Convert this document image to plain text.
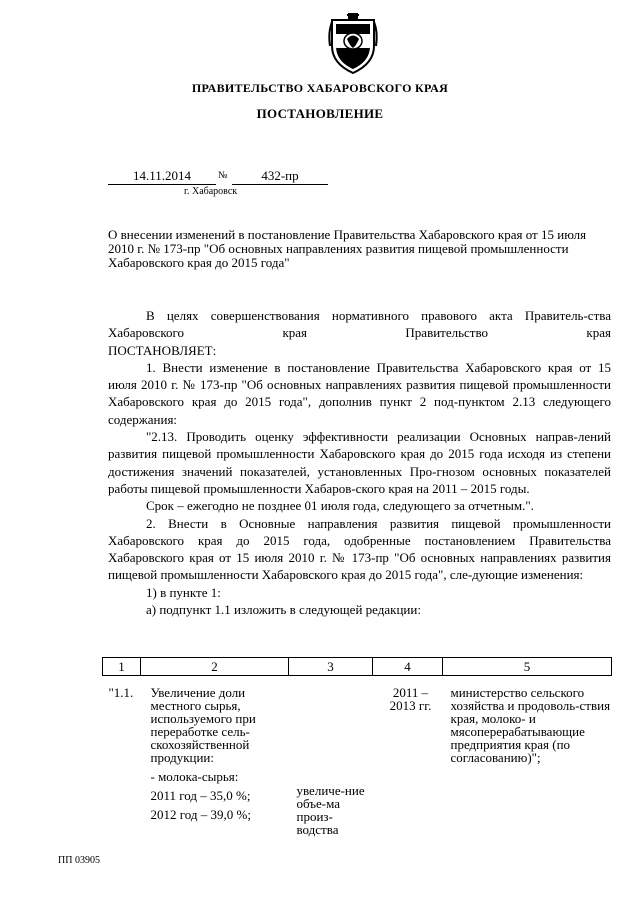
ПРАВИТЕЛЬСТВО ХАБАРОВСКОГО КРАЯ
ПОСТАНОВЛЕНИЕ
14.11.2014	№	432-пр
г. Хабаровск
О внесении изменений в постановление Правительства Хабаровского края от 15 июля 2010 г. № 173-пр "Об основных направлениях развития пищевой промышленности Хабаровского края до 2015 года"

В целях совершенствования нормативного правового акта Правитель-ства Хабаровского края Правительство края

ПОСТАНОВЛЯЕТ:

1. Внести изменение в постановление Правительства Хабаровского края от 15 июля 2010 г. № 173-пр "Об основных направлениях развития пищевой промышленности Хабаровского края до 2015 года", дополнив пункт 2 под-пунктом 2.13 следующего содержания:

"2.13. Проводить оценку эффективности реализации Основных направ-лений развития пищевой промышленности Хабаровского края до 2015 года исходя из степени достижения значений показателей, установленных Про-гнозом основных показателей работы пищевой промышленности Хабаров-ского края на 2011 – 2015 годы.

Срок – ежегодно не позднее 01 июля года, следующего за отчетным.".

2. Внести в Основные направления развития пищевой промышленности Хабаровского края до 2015 года, одобренные постановлением Правительства Хабаровского края от 15 июля 2010 г. № 173-пр "Об основных направлениях развития пищевой промышленности Хабаровского края до 2015 года", сле-дующие изменения:

1) в пункте 1:

а) подпункт 1.1 изложить в следующей редакции:

1	2	3	4	5
"1.1.	Увеличение доли местного сырья, используемого при переработке сель-скохозяйственной продукции:

- молока-сырья:

2011 год – 35,0 %;

2012 год – 39,0 %;	увеличе-ние объе-ма произ-водства	2011 – 2013 гг.	министерство сельского хозяйства и продоволь-ствия края, молоко- и мясоперерабатывающие предприятия края (по согласованию)";
ПП 03905
